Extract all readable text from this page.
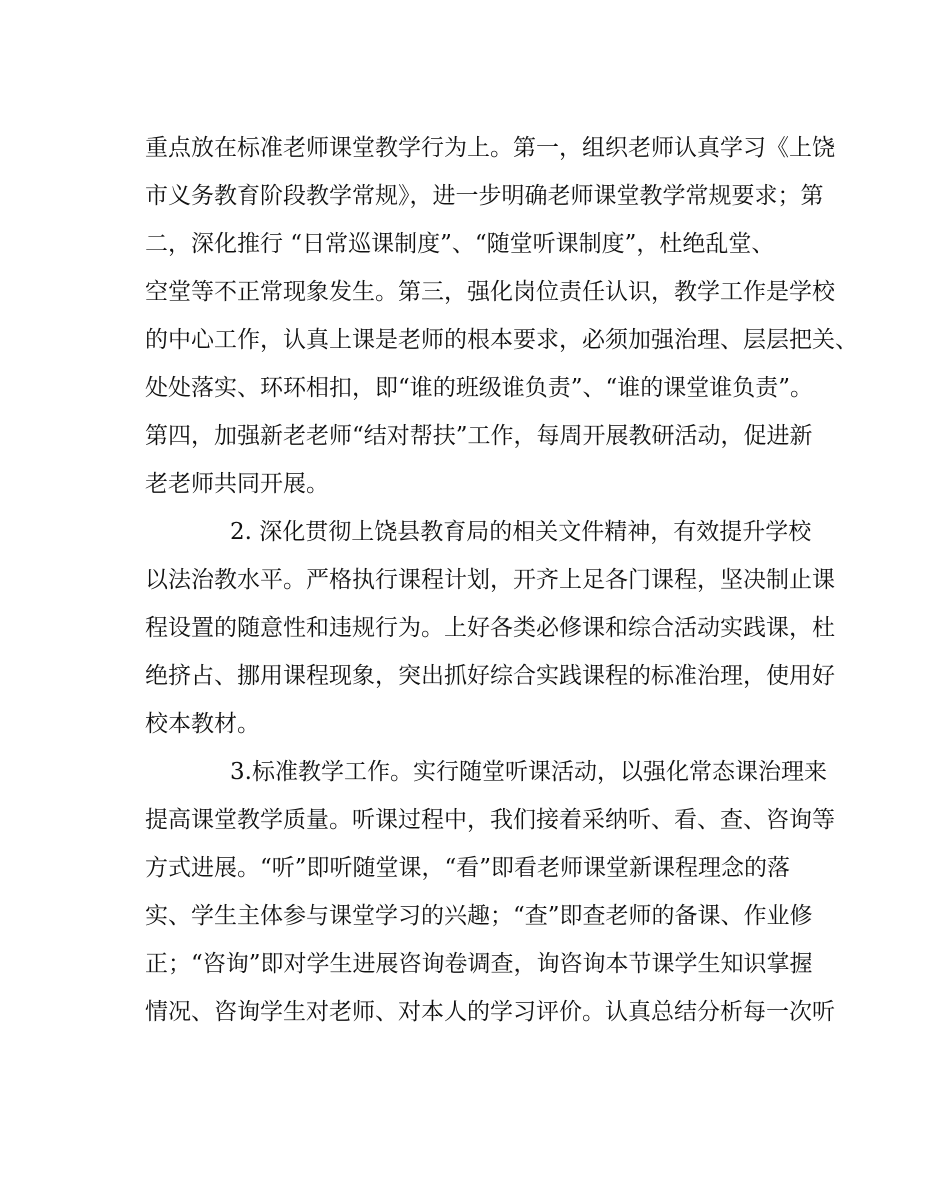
重点放在标准老师课堂教学行为上。第一，组织老师认真学习《上饶
市义务教育阶段教学常规》，进一步明确老师课堂教学常规要求；第
二，深化推行 “日常巡课制度”、“随堂听课制度”，杜绝乱堂、
空堂等不正常现象发生。第三，强化岗位责任认识，教学工作是学校
的中心工作，认真上课是老师的根本要求，必须加强治理、层层把关、
处处落实、环环相扣，即“谁的班级谁负责”、“谁的课堂谁负责”。
第四，加强新老老师“结对帮扶”工作，每周开展教研活动，促进新
老老师共同开展。
2. 深化贯彻上饶县教育局的相关文件精神，有效提升学校
以法治教水平。严格执行课程计划，开齐上足各门课程，坚决制止课
程设置的随意性和违规行为。上好各类必修课和综合活动实践课，杜
绝挤占、挪用课程现象，突出抓好综合实践课程的标准治理，使用好
校本教材。
3.标准教学工作。实行随堂听课活动，以强化常态课治理来
提高课堂教学质量。听课过程中，我们接着采纳听、看、查、咨询等
方式进展。“听”即听随堂课，“看”即看老师课堂新课程理念的落
实、学生主体参与课堂学习的兴趣；“查”即查老师的备课、作业修
正；“咨询”即对学生进展咨询卷调查，询咨询本节课学生知识掌握
情况、咨询学生对老师、对本人的学习评价。认真总结分析每一次听
